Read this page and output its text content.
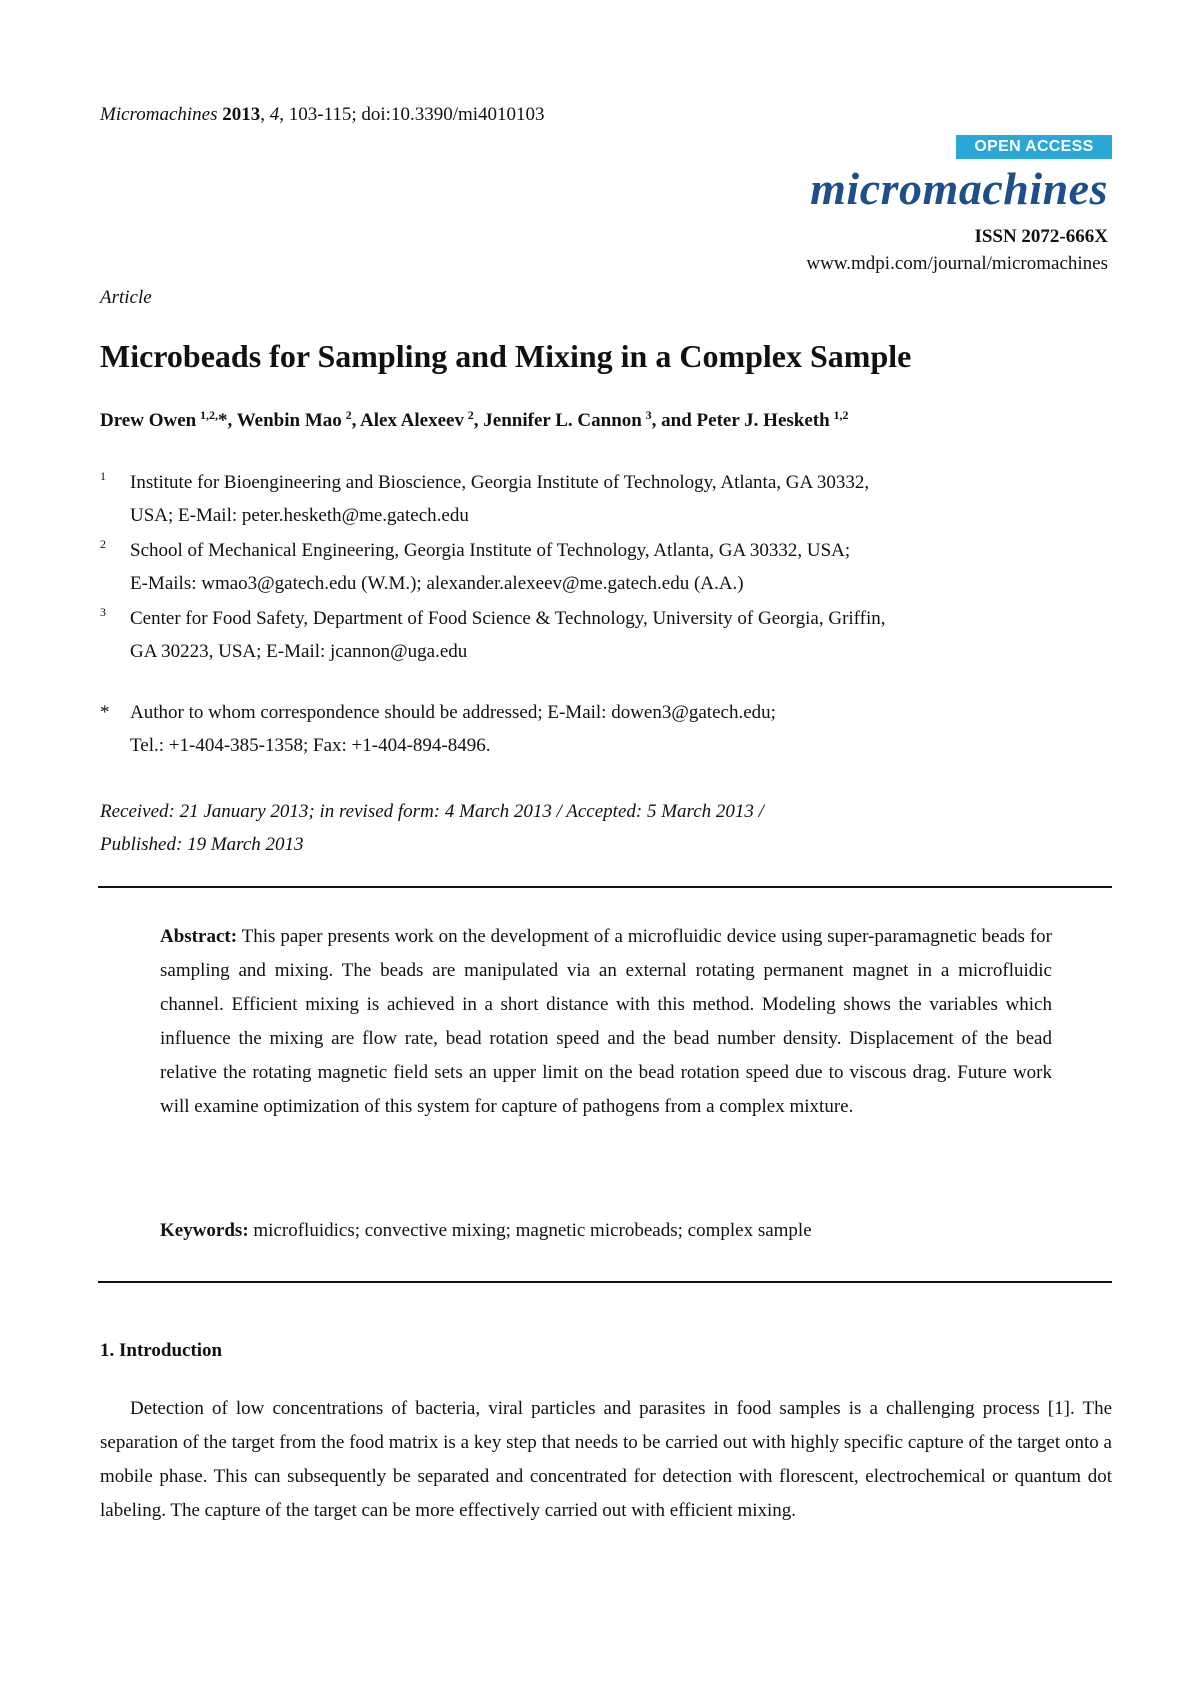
Micromachines 2013, 4, 103-115; doi:10.3390/mi4010103
OPEN ACCESS
micromachines
ISSN 2072-666X
www.mdpi.com/journal/micromachines
Article
Microbeads for Sampling and Mixing in a Complex Sample
Drew Owen  $^{1,2,}$*, Wenbin Mao  $^2$, Alex Alexeev  $^2$, Jennifer L. Cannon  $^3$, and Peter J. Hesketh  $^{1,2}$
1 Institute for Bioengineering and Bioscience, Georgia Institute of Technology, Atlanta, GA 30332,
USA; E-Mail: peter.hesketh@me.gatech.edu
2 School of Mechanical Engineering, Georgia Institute of Technology, Atlanta, GA 30332, USA;
E-Mails: wmao3@gatech.edu (W.M.); alexander.alexeev@me.gatech.edu (A.A.)
3 Center for Food Safety, Department of Food Science & Technology, University of Georgia, Griffin,
GA 30223, USA; E-Mail: jcannon@uga.edu
* Author to whom correspondence should be addressed; E-Mail: dowen3@gatech.edu;
Tel.: +1-404-385-1358; Fax: +1-404-894-8496.
Received: 21 January 2013; in revised form: 4 March 2013 / Accepted: 5 March 2013 /
Published: 19 March 2013
Abstract: This paper presents work on the development of a microfluidic device using super-paramagnetic beads for sampling and mixing. The beads are manipulated via an external rotating permanent magnet in a microfluidic channel. Efficient mixing is achieved in a short distance with this method. Modeling shows the variables which influence the mixing are flow rate, bead rotation speed and the bead number density. Displacement of the bead relative the rotating magnetic field sets an upper limit on the bead rotation speed due to viscous drag. Future work will examine optimization of this system for capture of pathogens from a complex mixture.
Keywords: microfluidics; convective mixing; magnetic microbeads; complex sample
1. Introduction
Detection of low concentrations of bacteria, viral particles and parasites in food samples is a challenging process [1]. The separation of the target from the food matrix is a key step that needs to be carried out with highly specific capture of the target onto a mobile phase. This can subsequently be separated and concentrated for detection with florescent, electrochemical or quantum dot labeling. The capture of the target can be more effectively carried out with efficient mixing.
